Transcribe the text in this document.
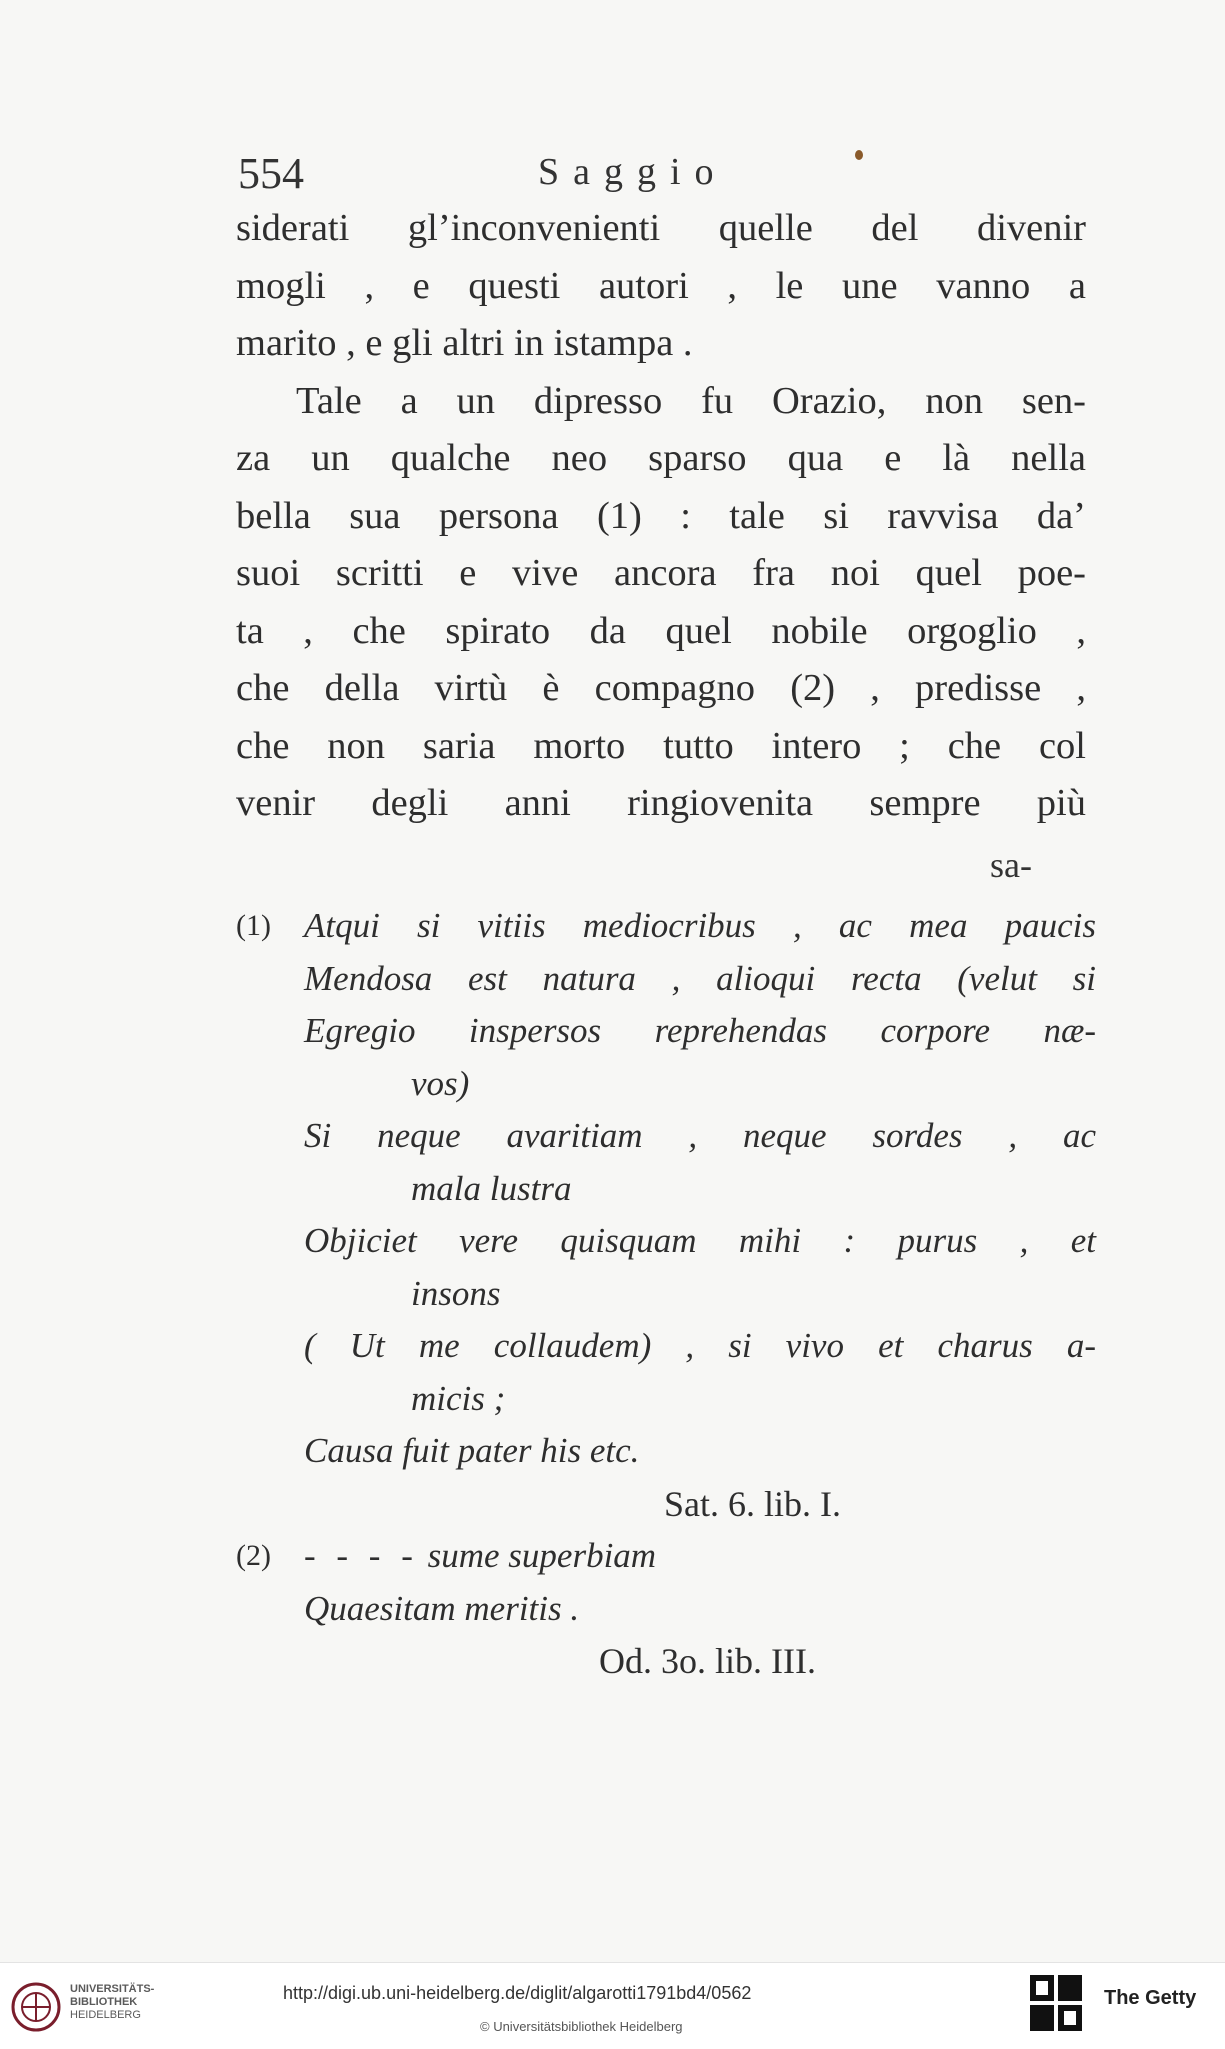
554	Saggio
siderati gl’inconvenienti quelle del divenir
mogli , e questi autori , le une vanno a
marito , e gli altri in istampa .
Tale a un dipresso fu Orazio, non sen-
za un qualche neo sparso qua e là nella
bella sua persona (1) : tale si ravvisa da’
suoi scritti e vive ancora fra noi quel poe-
ta , che spirato da quel nobile orgoglio ,
che della virtù è compagno (2) , predisse ,
che non saria morto tutto intero ; che col
venir degli anni ringiovenita sempre più
sa-
(1) Atqui si vitiis mediocribus , ac mea paucis
Mendosa est natura , alioqui recta (velut si
Egregio inspersos reprehendas corpore næ-
vos)
Si neque avaritiam , neque sordes , ac
mala lustra
Objiciet vere quisquam mihi : purus , et
insons
( Ut me collaudem) , si vivo et charus a-
micis ;
Causa fuit pater his etc.
Sat. 6. lib. I.
(2) - - - - sume superbiam
Quaesitam meritis .
Od. 3o. lib. III.
UNIVERSITÄTS-
BIBLIOTHEK
HEIDELBERG
http://digi.ub.uni-heidelberg.de/diglit/algarotti1791bd4/0562
© Universitätsbibliothek Heidelberg
The Getty
